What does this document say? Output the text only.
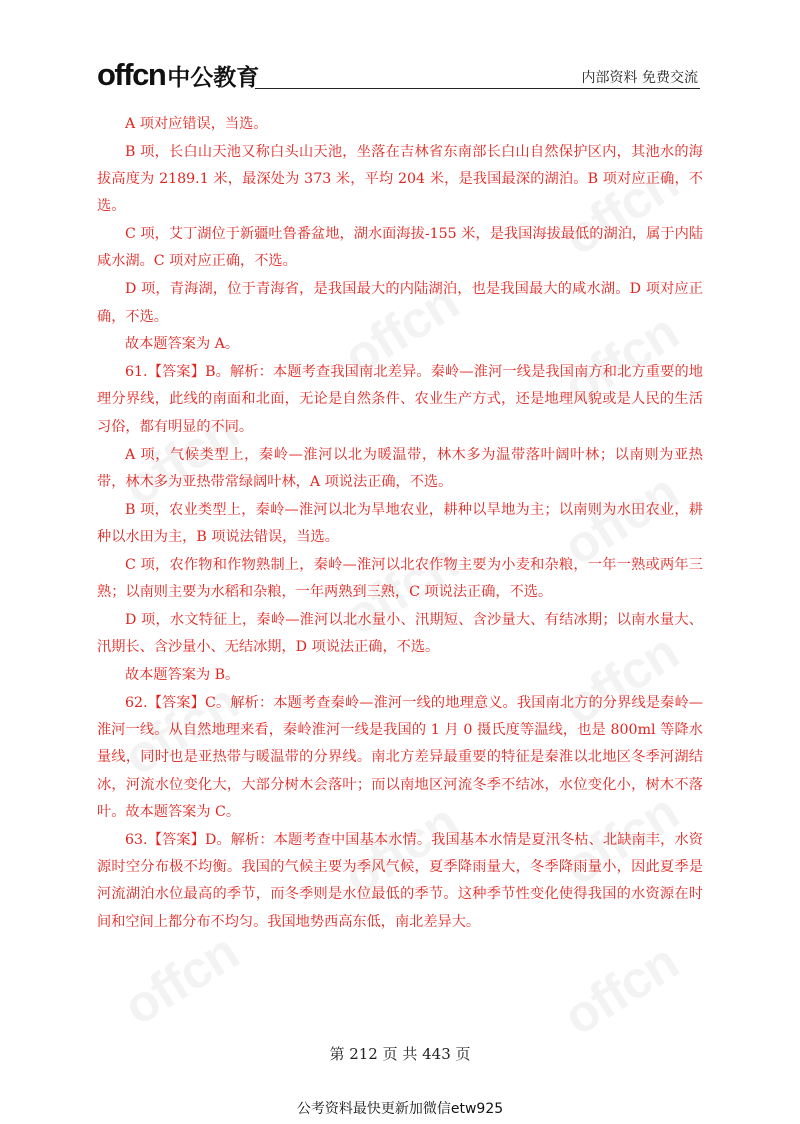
offcn 中公教育	内部资料 免费交流

A 项对应错误，当选。

B 项，长白山天池又称白头山天池，坐落在吉林省东南部长白山自然保护区内，其池水的海拔高度为 2189.1 米，最深处为 373 米，平均 204 米，是我国最深的湖泊。B 项对应正确，不选。

C 项，艾丁湖位于新疆吐鲁番盆地，湖水面海拔-155 米，是我国海拔最低的湖泊，属于内陆咸水湖。C 项对应正确，不选。

D 项，青海湖，位于青海省，是我国最大的内陆湖泊，也是我国最大的咸水湖。D 项对应正确，不选。

故本题答案为 A。

61.【答案】B。解析：本题考查我国南北差异。秦岭—淮河一线是我国南方和北方重要的地理分界线，此线的南面和北面，无论是自然条件、农业生产方式，还是地理风貌或是人民的生活习俗，都有明显的不同。

A 项，气候类型上，秦岭—淮河以北为暖温带，林木多为温带落叶阔叶林；以南则为亚热带，林木多为亚热带常绿阔叶林，A 项说法正确，不选。

B 项，农业类型上，秦岭—淮河以北为旱地农业，耕种以旱地为主；以南则为水田农业，耕种以水田为主，B 项说法错误，当选。

C 项，农作物和作物熟制上，秦岭—淮河以北农作物主要为小麦和杂粮，一年一熟或两年三熟；以南则主要为水稻和杂粮，一年两熟到三熟，C 项说法正确，不选。

D 项，水文特征上，秦岭—淮河以北水量小、汛期短、含沙量大、有结冰期；以南水量大、汛期长、含沙量小、无结冰期，D 项说法正确，不选。

故本题答案为 B。

62.【答案】C。解析：本题考查秦岭—淮河一线的地理意义。我国南北方的分界线是秦岭—淮河一线。从自然地理来看，秦岭淮河一线是我国的 1 月 0 摄氏度等温线，也是 800ml 等降水量线，同时也是亚热带与暖温带的分界线。南北方差异最重要的特征是秦淮以北地区冬季河湖结冰，河流水位变化大，大部分树木会落叶；而以南地区河流冬季不结冰，水位变化小，树木不落叶。故本题答案为 C。

63.【答案】D。解析：本题考查中国基本水情。我国基本水情是夏汛冬枯、北缺南丰，水资源时空分布极不均衡。我国的气候主要为季风气候，夏季降雨量大，冬季降雨量小，因此夏季是河流湖泊水位最高的季节，而冬季则是水位最低的季节。这种季节性变化使得我国的水资源在时间和空间上都分布不均匀。我国地势西高东低，南北差异大。

第 212 页 共 443 页
公考资料最快更新加微信etw925
